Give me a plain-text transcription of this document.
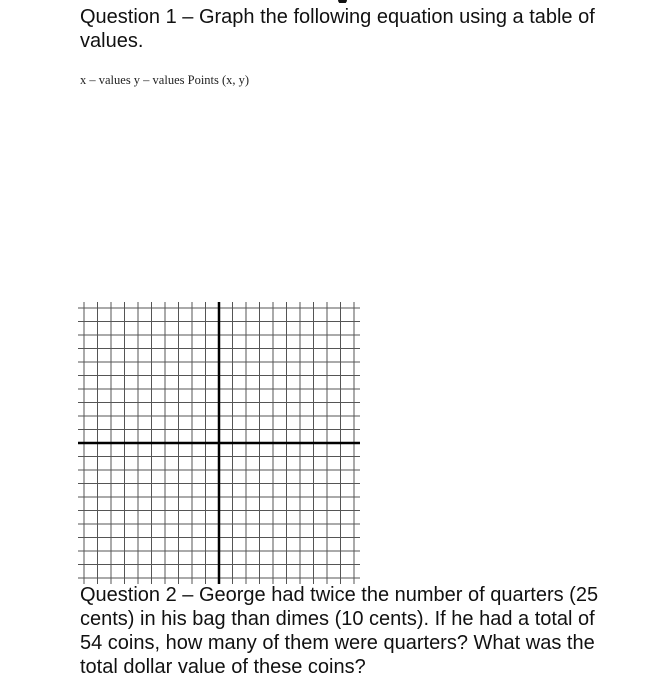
Question 1 – Graph the following equation using a table of values.

x – values y – values Points (x, y)

Question 2 – George had twice the number of quarters (25 cents) in his bag than dimes (10 cents). If he had a total of 54 coins, how many of them were quarters? What was the total dollar value of these coins?
